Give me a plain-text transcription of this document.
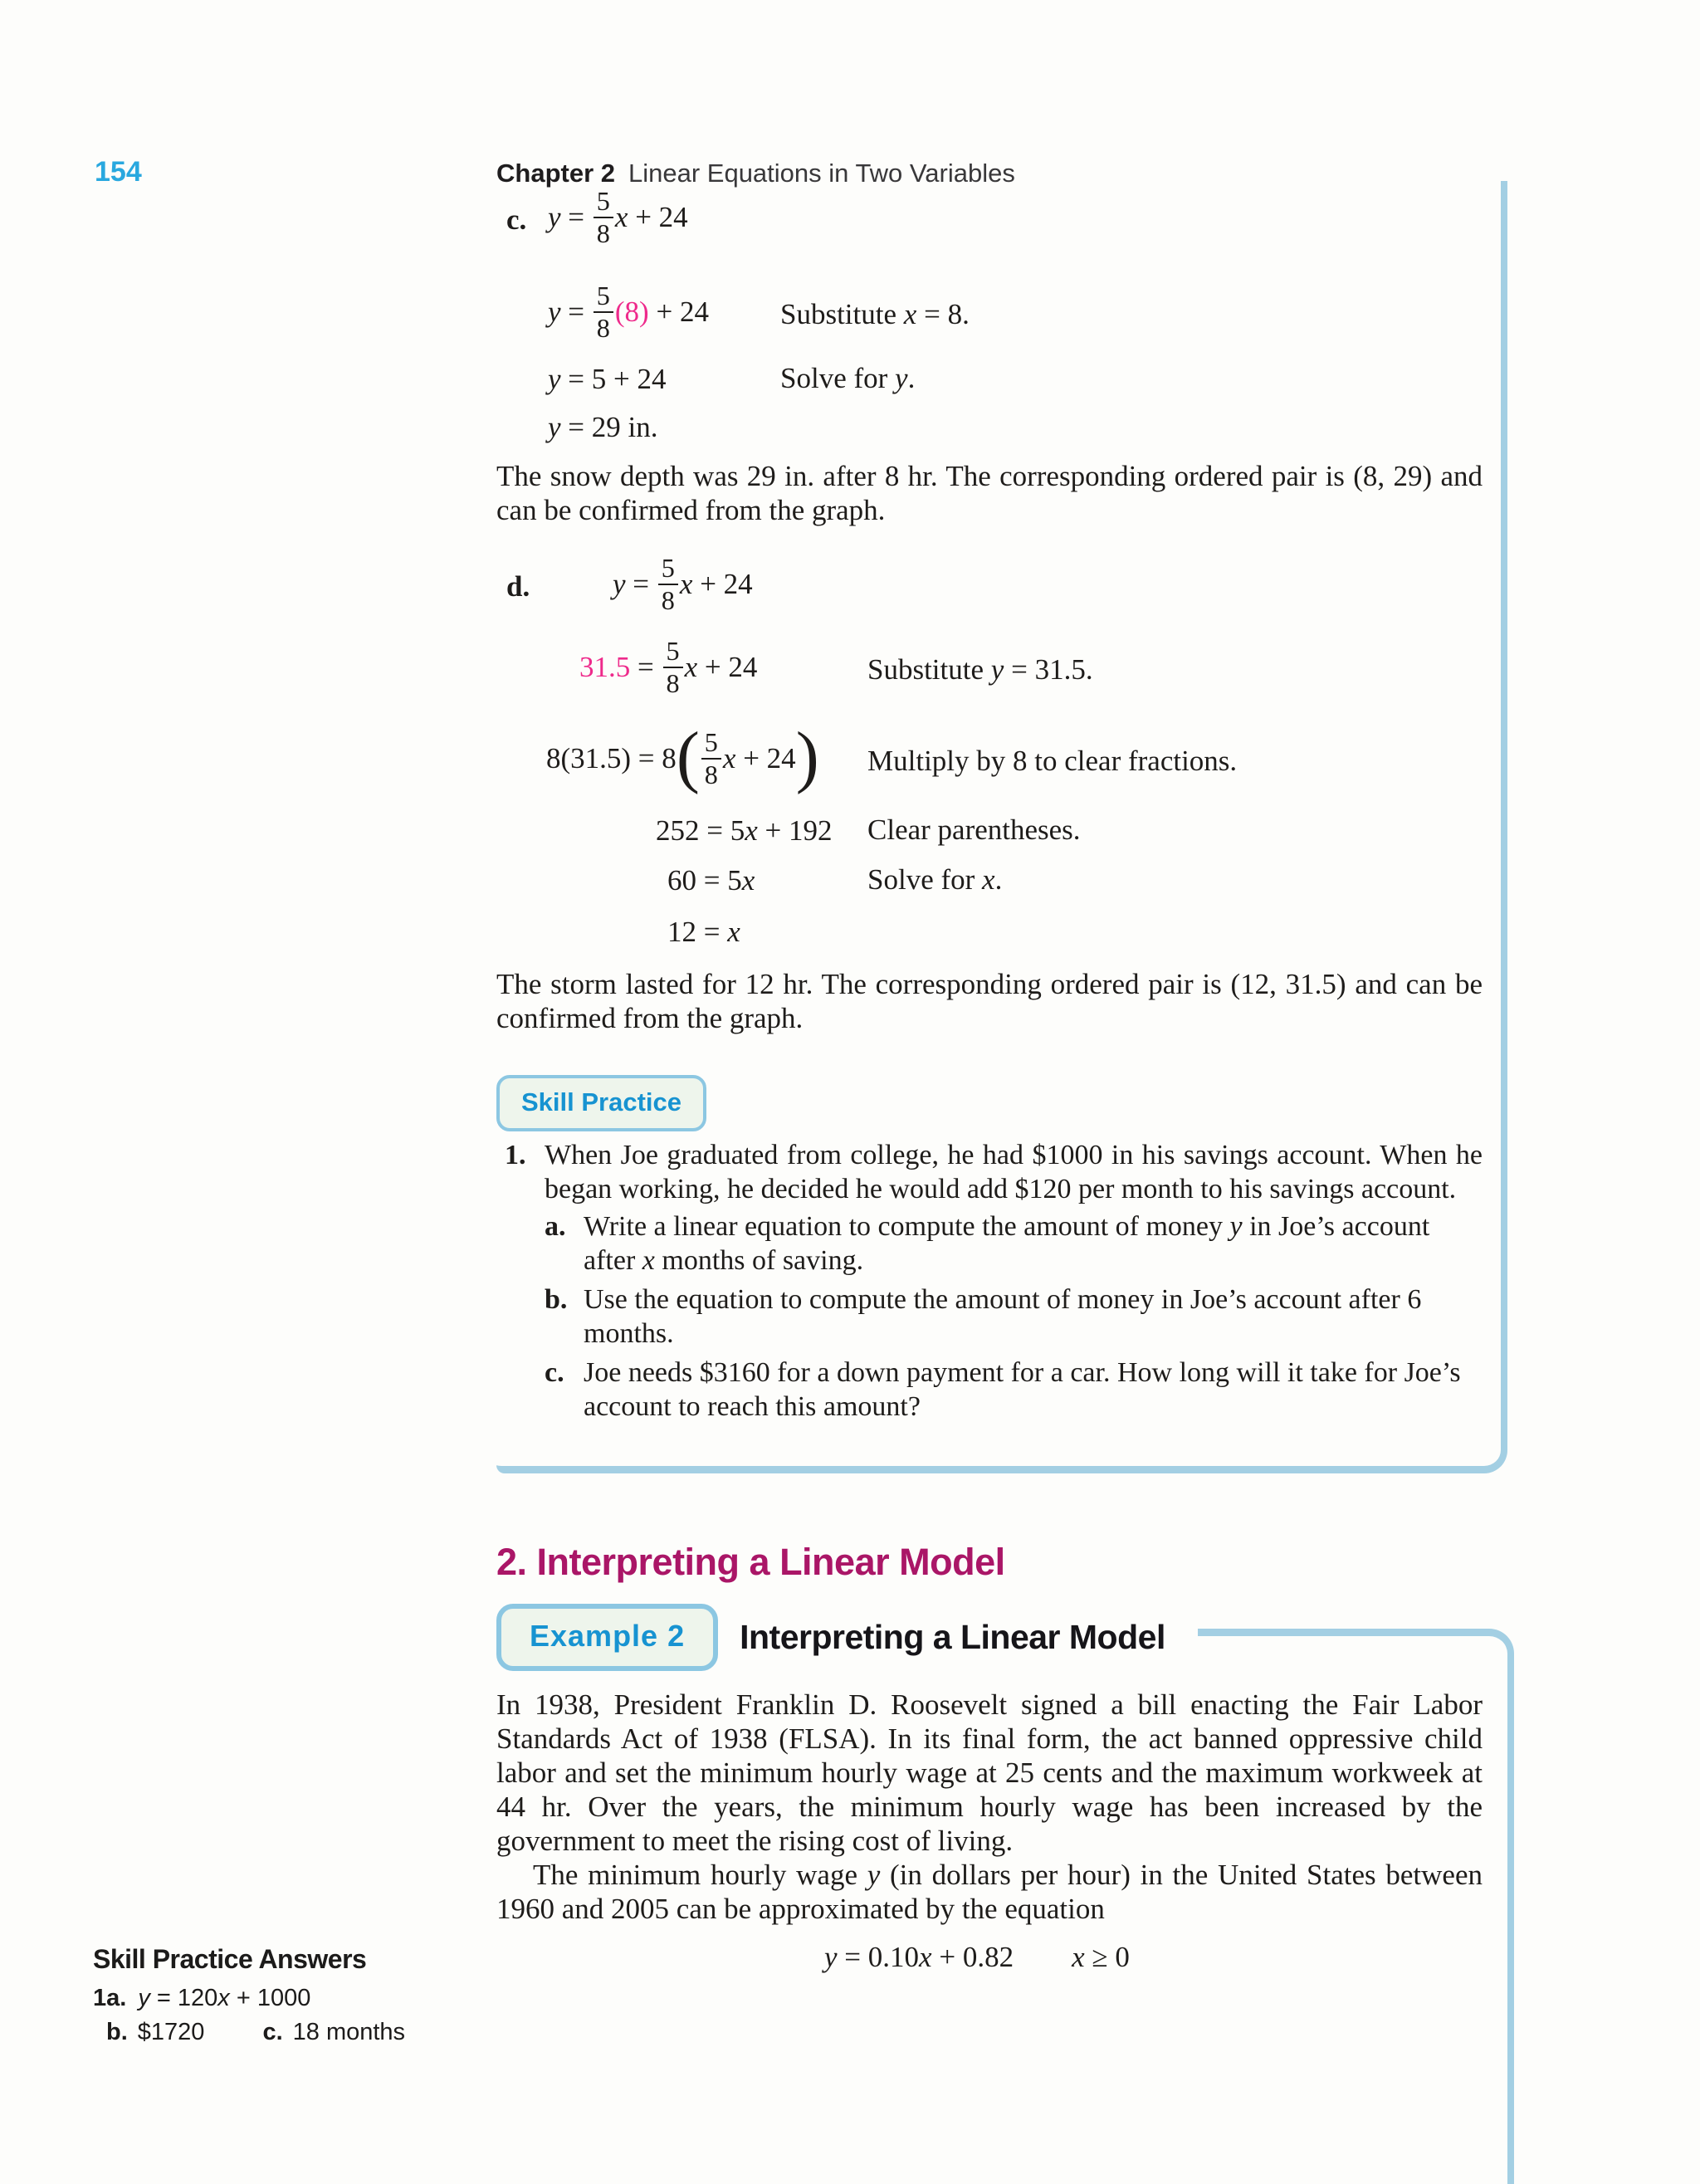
154	Chapter 2 Linear Equations in Two Variables
c. $y = \frac{5}{8}$ x + 24
$y = \frac{5}{8} (8) + 24$	Substitute x = 8.
y = 5 + 24	Solve for y.
y = 29 in.
The snow depth was 29 in. after 8 hr. The corresponding ordered pair is (8, 29) and can be confirmed from the graph.
d.	$y = \frac{5}{8}$ x + 24
$31.5 = \frac{5}{8}$ x + 24	Substitute y = 31.5.
$8(31.5) = 8( \frac{5}{8}$ x + 24)	Multiply by 8 to clear fractions.
252 = 5x + 192	Clear parentheses.
60 = 5x	Solve for x.
12 = x
The storm lasted for 12 hr. The corresponding ordered pair is (12, 31.5) and can be confirmed from the graph.
Skill Practice
1. When Joe graduated from college, he had $1000 in his savings account. When he began working, he decided he would add $120 per month to his savings account.
a. Write a linear equation to compute the amount of money y in Joe’s account after x months of saving.
b. Use the equation to compute the amount of money in Joe’s account after 6 months.
c. Joe needs $3160 for a down payment for a car. How long will it take for Joe’s account to reach this amount?
2. Interpreting a Linear Model
Example 2	Interpreting a Linear Model
In 1938, President Franklin D. Roosevelt signed a bill enacting the Fair Labor Standards Act of 1938 (FLSA). In its final form, the act banned oppressive child labor and set the minimum hourly wage at 25 cents and the maximum workweek at 44 hr. Over the years, the minimum hourly wage has been increased by the government to meet the rising cost of living.
The minimum hourly wage y (in dollars per hour) in the United States between 1960 and 2005 can be approximated by the equation
y = 0.10x + 0.82 x ≥ 0
Skill Practice Answers
1a. y = 120x + 1000
b. $1720 c. 18 months
